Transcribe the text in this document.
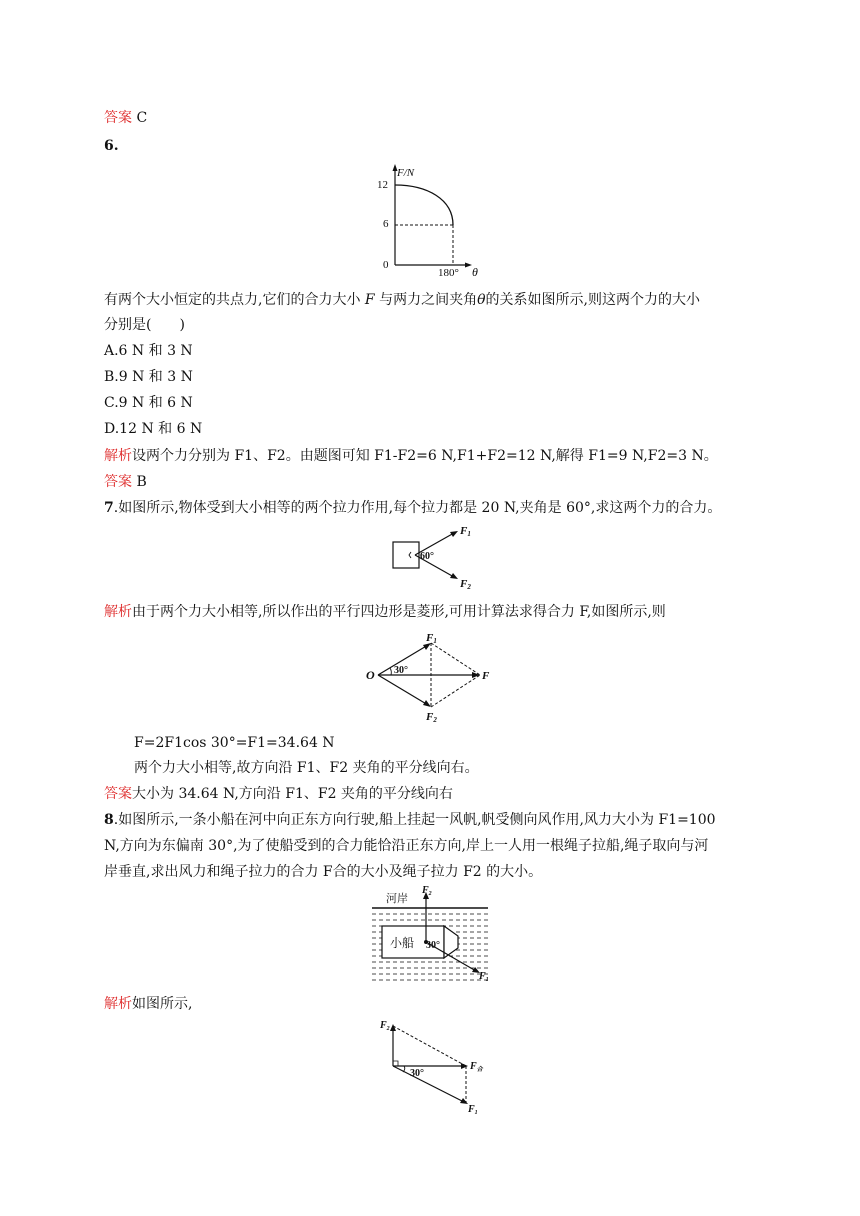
答案 C
6.
F/N
12
6
0
180° θ
有两个大小恒定的共点力,它们的合力大小 F 与两力之间夹角θ的关系如图所示,则这两个力的大小
分别是(　　)
A.6 N 和 3 N
B.9 N 和 3 N
C.9 N 和 6 N
D.12 N 和 6 N
解析设两个力分别为 F1、F2。由题图可知 F1-F2=6 N,F1+F2=12 N,解得 F1=9 N,F2=3 N。
答案 B
7.如图所示,物体受到大小相等的两个拉力作用,每个拉力都是 20 N,夹角是 60°,求这两个力的合力。
60°
F1
F2
解析由于两个力大小相等,所以作出的平行四边形是菱形,可用计算法求得合力 F,如图所示,则
O	F
30°
F1
F2
F=2F1cos 30°=F1=34.64 N
两个力大小相等,故方向沿 F1、F2 夹角的平分线向右。
答案大小为 34.64 N,方向沿 F1、F2 夹角的平分线向右
8.如图所示,一条小船在河中向正东方向行驶,船上挂起一风帆,帆受侧向风作用,风力大小为 F1=100
N,方向为东偏南 30°,为了使船受到的合力能恰沿正东方向,岸上一人用一根绳子拉船,绳子取向与河
岸垂直,求出风力和绳子拉力的合力 F合的大小及绳子拉力 F2 的大小。
河岸
小船 30°
$F_2$
$F_1$
解析如图所示,
30°
$F_2$
$F_合$
$F_1$
